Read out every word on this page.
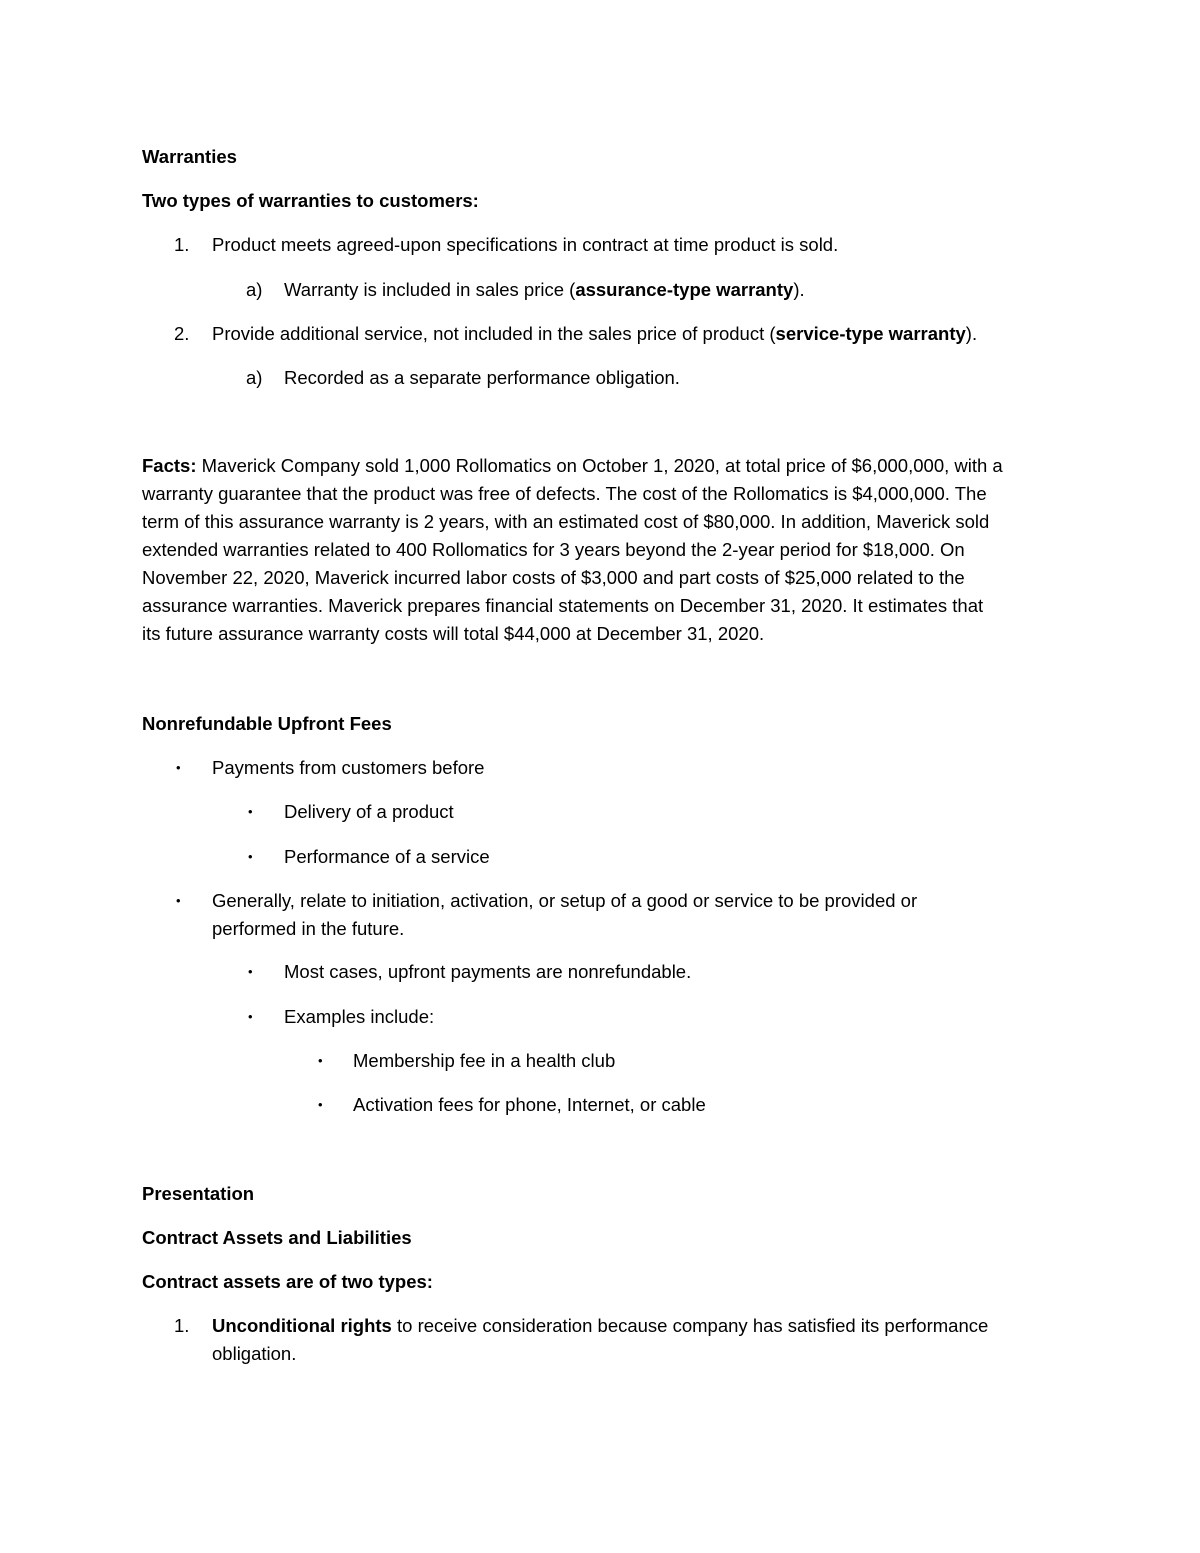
Warranties
Two types of warranties to customers:
1. Product meets agreed-upon specifications in contract at time product is sold.
a) Warranty is included in sales price (assurance-type warranty).
2. Provide additional service, not included in the sales price of product (service-type warranty).
a) Recorded as a separate performance obligation.
Facts: Maverick Company sold 1,000 Rollomatics on October 1, 2020, at total price of $6,000,000, with a
warranty guarantee that the product was free of defects. The cost of the Rollomatics is $4,000,000. The
term of this assurance warranty is 2 years, with an estimated cost of $80,000. In addition, Maverick sold
extended warranties related to 400 Rollomatics for 3 years beyond the 2-year period for $18,000. On
November 22, 2020, Maverick incurred labor costs of $3,000 and part costs of $25,000 related to the
assurance warranties. Maverick prepares financial statements on December 31, 2020. It estimates that
its future assurance warranty costs will total $44,000 at December 31, 2020.
Nonrefundable Upfront Fees
• Payments from customers before
• Delivery of a product
• Performance of a service
• Generally, relate to initiation, activation, or setup of a good or service to be provided or
performed in the future.
• Most cases, upfront payments are nonrefundable.
• Examples include:
• Membership fee in a health club
• Activation fees for phone, Internet, or cable
Presentation
Contract Assets and Liabilities
Contract assets are of two types:
1. Unconditional rights to receive consideration because company has satisfied its performance
obligation.
